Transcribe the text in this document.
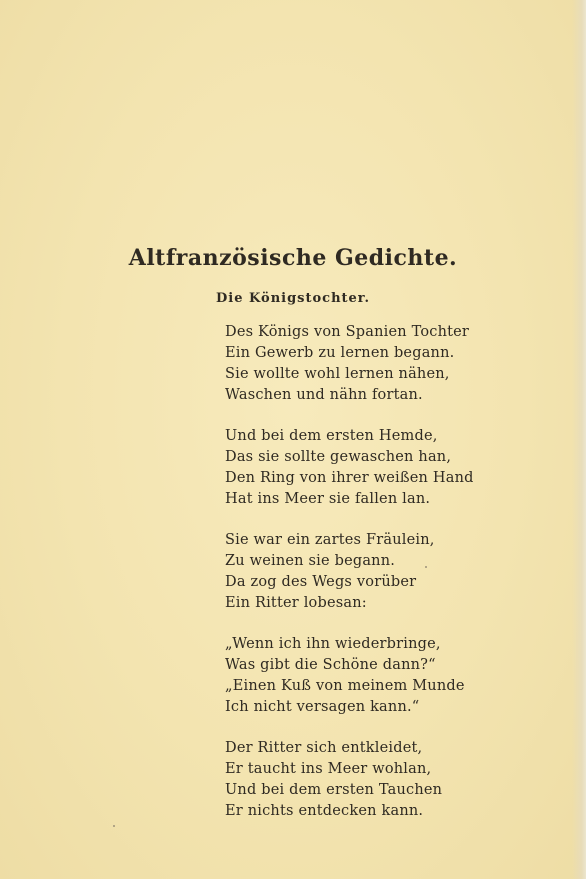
Altfranzösische Gedichte.
Die Königstochter.
Des Königs von Spanien Tochter
Ein Gewerb zu lernen begann.
Sie wollte wohl lernen nähen,
Waschen und nähn fortan.
Und bei dem ersten Hemde,
Das sie sollte gewaschen han,
Den Ring von ihrer weißen Hand
Hat ins Meer sie fallen lan.
Sie war ein zartes Fräulein,
Zu weinen sie begann.
Da zog des Wegs vorüber
Ein Ritter lobesan:
„Wenn ich ihn wiederbringe,
Was gibt die Schöne dann?“
„Einen Kuß von meinem Munde
Ich nicht versagen kann.“
Der Ritter sich entkleidet,
Er taucht ins Meer wohlan,
Und bei dem ersten Tauchen
Er nichts entdecken kann.
